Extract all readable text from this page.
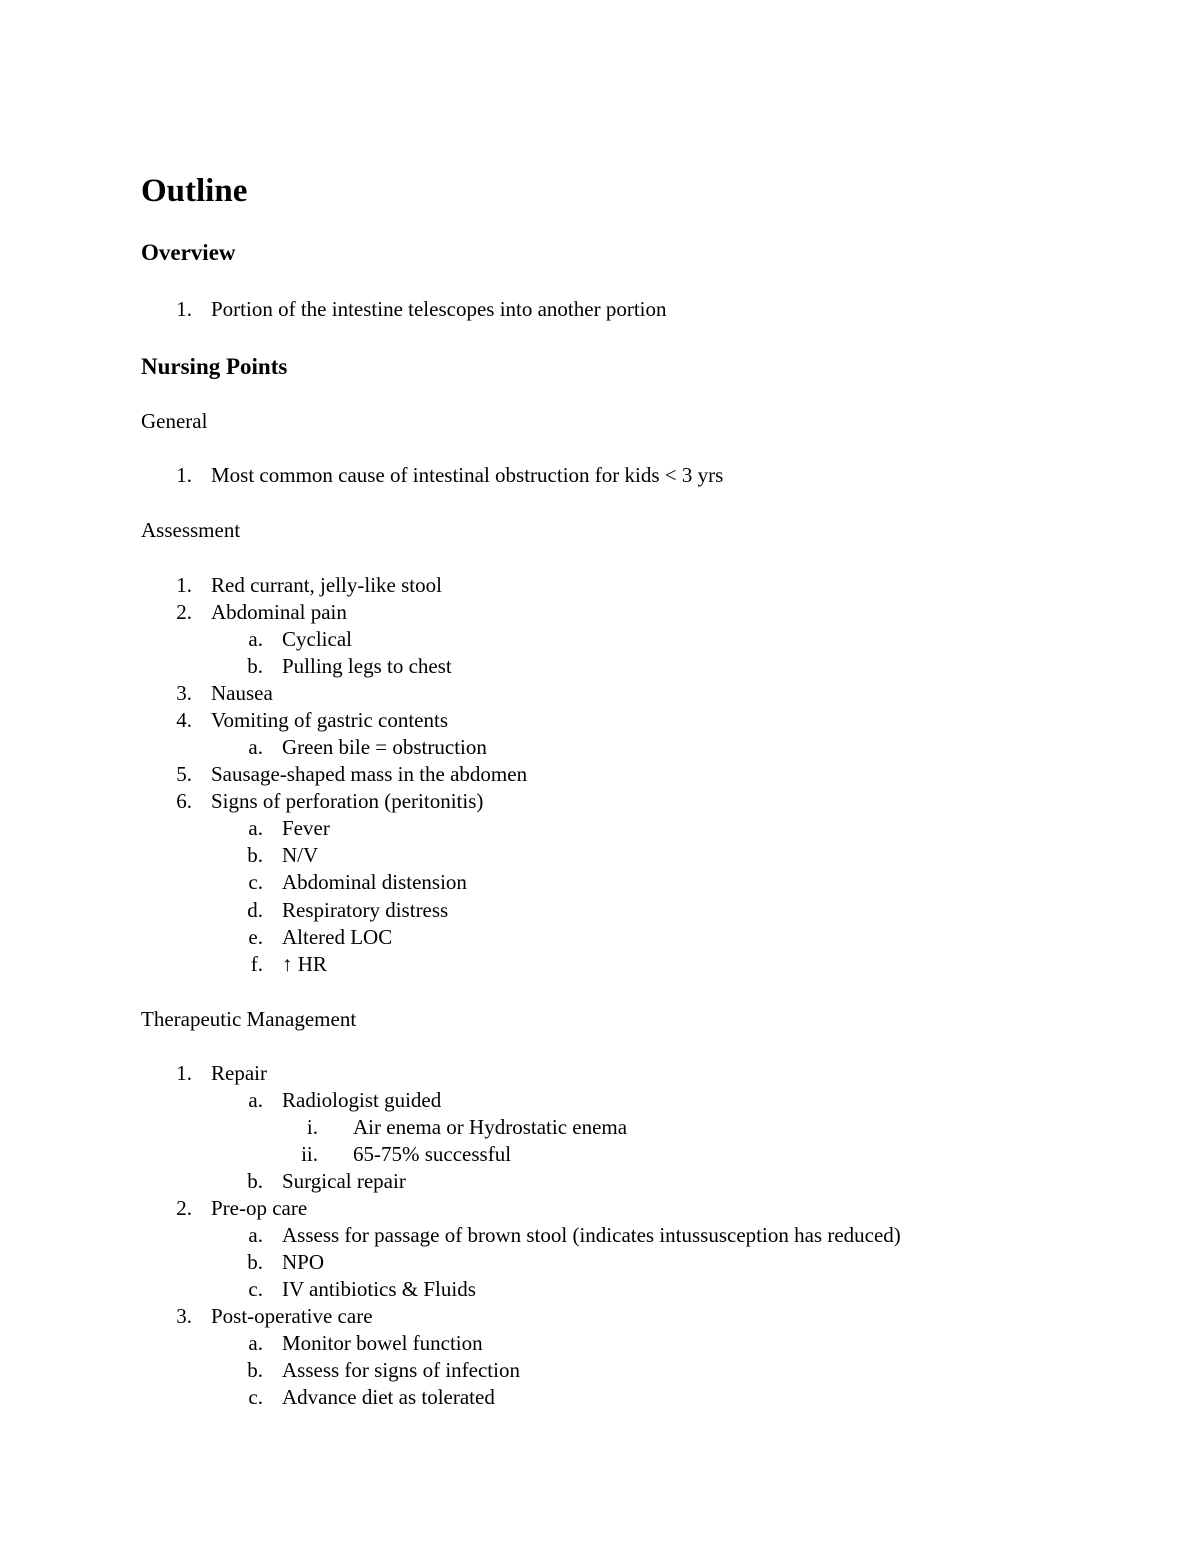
Outline
Overview
1. Portion of the intestine telescopes into another portion
Nursing Points
General
1. Most common cause of intestinal obstruction for kids < 3 yrs
Assessment
1. Red currant, jelly-like stool
2. Abdominal pain
a. Cyclical
b. Pulling legs to chest
3. Nausea
4. Vomiting of gastric contents
a. Green bile = obstruction
5. Sausage-shaped mass in the abdomen
6. Signs of perforation (peritonitis)
a. Fever
b. N/V
c. Abdominal distension
d. Respiratory distress
e. Altered LOC
f. ↑ HR
Therapeutic Management
1. Repair
a. Radiologist guided
i. Air enema or Hydrostatic enema
ii. 65-75% successful
b. Surgical repair
2. Pre-op care
a. Assess for passage of brown stool (indicates intussusception has reduced)
b. NPO
c. IV antibiotics & Fluids
3. Post-operative care
a. Monitor bowel function
b. Assess for signs of infection
c. Advance diet as tolerated
